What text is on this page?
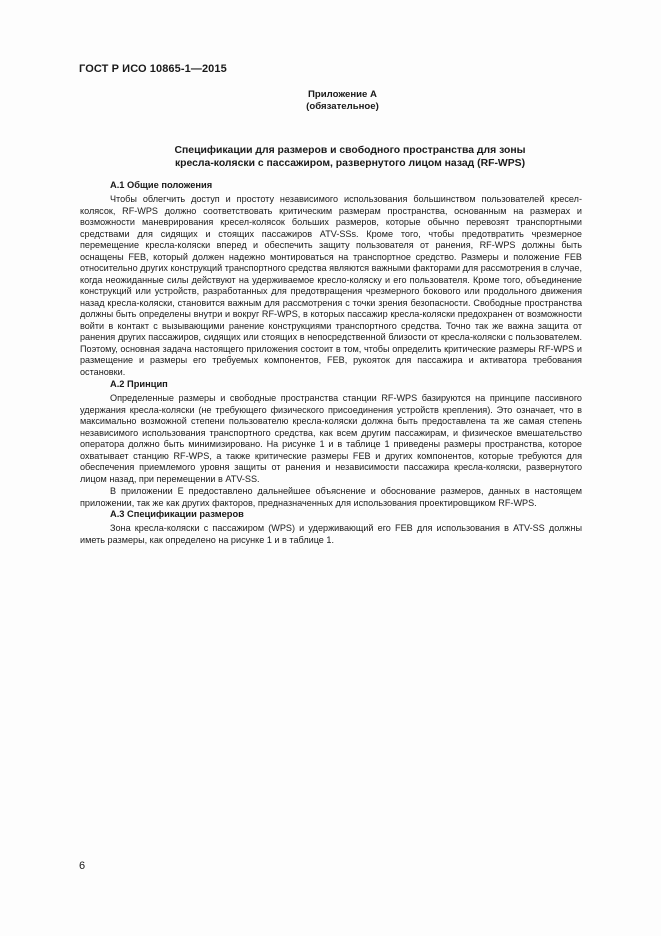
ГОСТ Р ИСО 10865-1—2015
Приложение А
(обязательное)
Спецификации для размеров и свободного пространства для зоны
кресла-коляски с пассажиром, развернутого лицом назад (RF-WPS)
А.1 Общие положения

Чтобы облегчить доступ и простоту независимого использования большинством пользователей кресел-колясок, RF-WPS должно соответствовать критическим размерам пространства, основанным на размерах и возможности маневрирования кресел-колясок больших размеров, которые обычно перевозят транспортными средствами для сидящих и стоящих пассажиров ATV-SSs. Кроме того, чтобы предотвратить чрезмерное перемещение кресла-коляски вперед и обеспечить защиту пользователя от ранения, RF-WPS должны быть оснащены FEB, который должен надежно монтироваться на транспортное средство. Размеры и положение FEB относительно других конструкций транспортного средства являются важными факторами для рассмотрения в случае, когда неожиданные силы действуют на удерживаемое кресло-коляску и его пользователя. Кроме того, объединение конструкций или устройств, разработанных для предотвращения чрезмерного бокового или продольного движения назад кресла-коляски, становится важным для рассмотрения с точки зрения безопасности. Свободные пространства должны быть определены внутри и вокруг RF-WPS, в которых пассажир кресла-коляски предохранен от возможности войти в контакт с вызывающими ранение конструкциями транспортного средства. Точно так же важна защита от ранения других пассажиров, сидящих или стоящих в непосредственной близости от кресла-коляски с пользователем. Поэтому, основная задача настоящего приложения состоит в том, чтобы определить критические размеры RF-WPS и размещение и размеры его требуемых компонентов, FEB, рукояток для пассажира и активатора требования остановки.

А.2 Принцип

Определенные размеры и свободные пространства станции RF-WPS базируются на принципе пассивного удержания кресла-коляски (не требующего физического присоединения устройств крепления). Это означает, что в максимально возможной степени пользователю кресла-коляски должна быть предоставлена та же самая степень независимого использования транспортного средства, как всем другим пассажирам, и физическое вмешательство оператора должно быть минимизировано. На рисунке 1 и в таблице 1 приведены размеры пространства, которое охватывает станцию RF-WPS, а также критические размеры FEB и других компонентов, которые требуются для обеспечения приемлемого уровня защиты от ранения и независимости пассажира кресла-коляски, развернутого лицом назад, при перемещении в ATV-SS.

В приложении Е предоставлено дальнейшее объяснение и обоснование размеров, данных в настоящем приложении, так же как других факторов, предназначенных для использования проектировщиком RF-WPS.

А.3 Спецификации размеров

Зона кресла-коляски с пассажиром (WPS) и удерживающий его FEB для использования в ATV-SS должны иметь размеры, как определено на рисунке 1 и в таблице 1.

6
